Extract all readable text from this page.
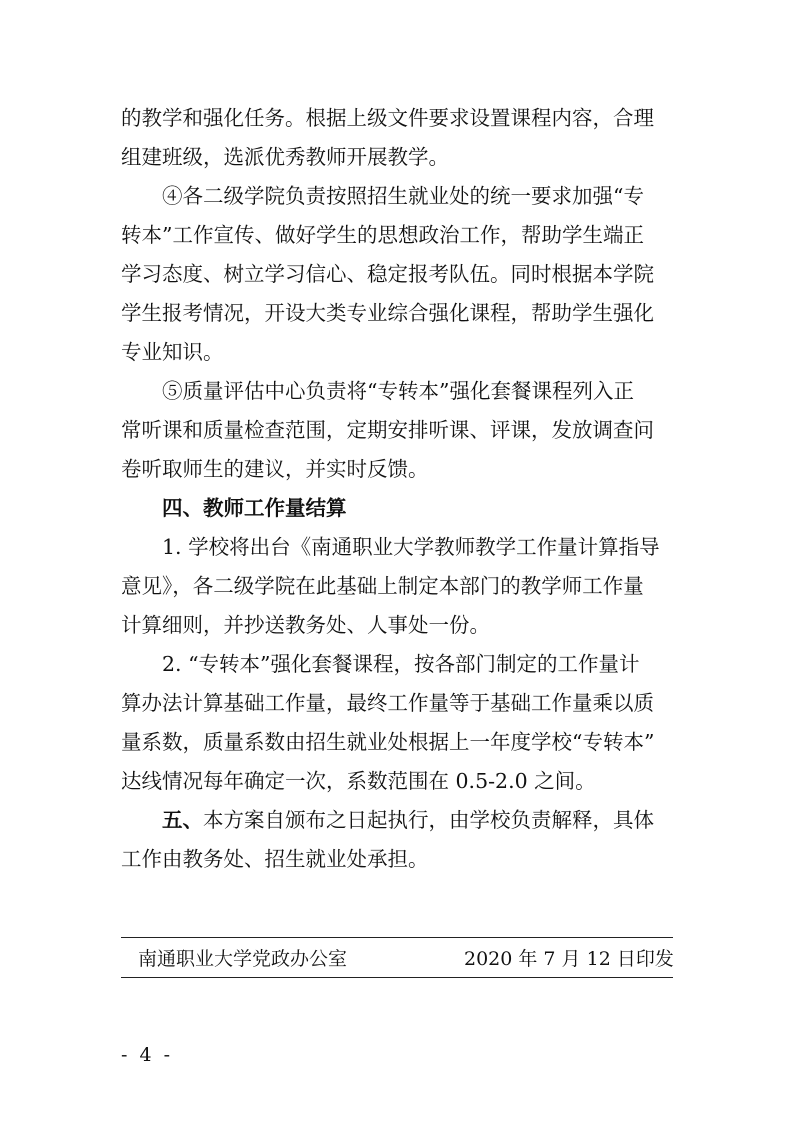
的教学和强化任务。根据上级文件要求设置课程内容，合理

组建班级，选派优秀教师开展教学。

④各二级学院负责按照招生就业处的统一要求加强“专

转本”工作宣传、做好学生的思想政治工作，帮助学生端正

学习态度、树立学习信心、稳定报考队伍。同时根据本学院

学生报考情况，开设大类专业综合强化课程，帮助学生强化

专业知识。

⑤质量评估中心负责将“专转本”强化套餐课程列入正

常听课和质量检查范围，定期安排听课、评课，发放调查问

卷听取师生的建议，并实时反馈。

四、教师工作量结算

1. 学校将出台《南通职业大学教师教学工作量计算指导

意见》，各二级学院在此基础上制定本部门的教学师工作量

计算细则，并抄送教务处、人事处一份。

2. “专转本”强化套餐课程，按各部门制定的工作量计

算办法计算基础工作量，最终工作量等于基础工作量乘以质

量系数，质量系数由招生就业处根据上一年度学校“专转本”

达线情况每年确定一次，系数范围在 0.5-2.0 之间。

五、本方案自颁布之日起执行，由学校负责解释，具体

工作由教务处、招生就业处承担。

南通职业大学党政办公室	2020 年 7 月 12 日印发
- 4 -
